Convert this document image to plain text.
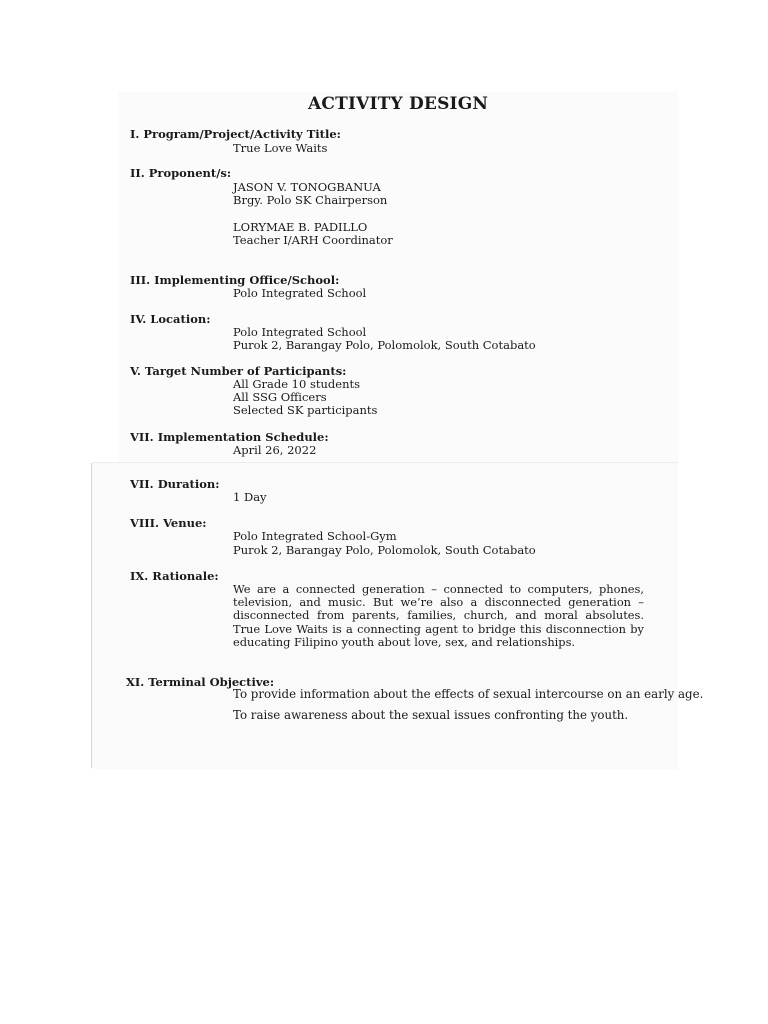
ACTIVITY DESIGN
I. Program/Project/Activity Title:
True Love Waits
II. Proponent/s:
JASON V. TONOGBANUA
Brgy. Polo SK Chairperson
LORYMAE B. PADILLO
Teacher I/ARH Coordinator
III. Implementing Office/School:
Polo Integrated School
IV. Location:
Polo Integrated School
Purok 2, Barangay Polo, Polomolok, South Cotabato
V. Target Number of Participants:
All Grade 10 students
All SSG Officers
Selected SK participants
VII. Implementation Schedule:
April 26, 2022
VII. Duration:
1 Day
VIII. Venue:
Polo Integrated School-Gym
Purok 2, Barangay Polo, Polomolok, South Cotabato
IX. Rationale:
We are a connected generation – connected to computers, phones, television, and music. But we’re also a disconnected generation – disconnected from parents, families, church, and moral absolutes. True Love Waits is a connecting agent to bridge this disconnection by educating Filipino youth about love, sex, and relationships.
XI. Terminal Objective:
To provide information about the effects of sexual intercourse on an early age.
To raise awareness about the sexual issues confronting the youth.
